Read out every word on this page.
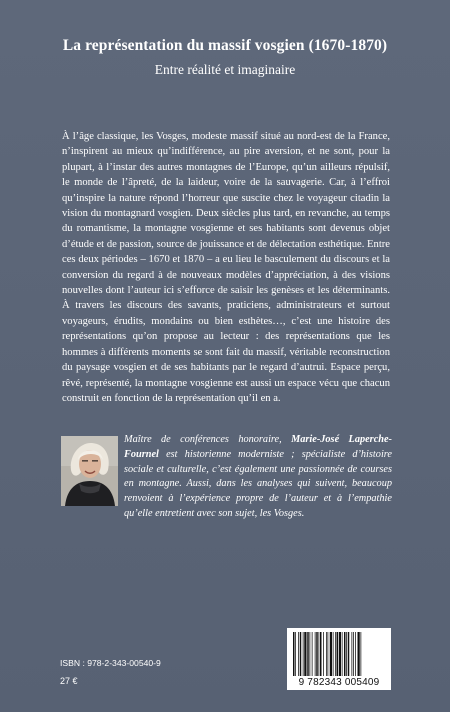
La représentation du massif vosgien (1670-1870)
Entre réalité et imaginaire
À l’âge classique, les Vosges, modeste massif situé au nord-est de la France, n’inspirent au mieux qu’indifférence, au pire aversion, et ne sont, pour la plupart, à l’instar des autres montagnes de l’Europe, qu’un ailleurs répulsif, le monde de l’âpreté, de la laideur, voire de la sauvagerie. Car, à l’effroi qu’inspire la nature répond l’horreur que suscite chez le voyageur citadin la vision du montagnard vosgien. Deux siècles plus tard, en revanche, au temps du romantisme, la montagne vosgienne et ses habitants sont devenus objet d’étude et de passion, source de jouissance et de délectation esthétique. Entre ces deux périodes – 1670 et 1870 – a eu lieu le basculement du discours et la conversion du regard à de nouveaux modèles d’appréciation, à des visions nouvelles dont l’auteur ici s’efforce de saisir les genèses et les déterminants. À travers les discours des savants, praticiens, administrateurs et surtout voyageurs, érudits, mondains ou bien esthètes…, c’est une histoire des représentations qu’on propose au lecteur : des représentations que les hommes à différents moments se sont fait du massif, véritable reconstruction du paysage vosgien et de ses habitants par le regard d’autrui. Espace perçu, rêvé, représenté, la montagne vosgienne est aussi un espace vécu que chacun construit en fonction de la représentation qu’il en a.
Maître de conférences honoraire, Marie-José Laperche-Fournel est historienne moderniste ; spécialiste d’histoire sociale et culturelle, c’est également une passionnée de courses en montagne. Aussi, dans les analyses qui suivent, beaucoup renvoient à l’expérience propre de l’auteur et à l’empathie qu’elle entretient avec son sujet, les Vosges.
ISBN : 978-2-343-00540-9
27 €	9 782343 005409
